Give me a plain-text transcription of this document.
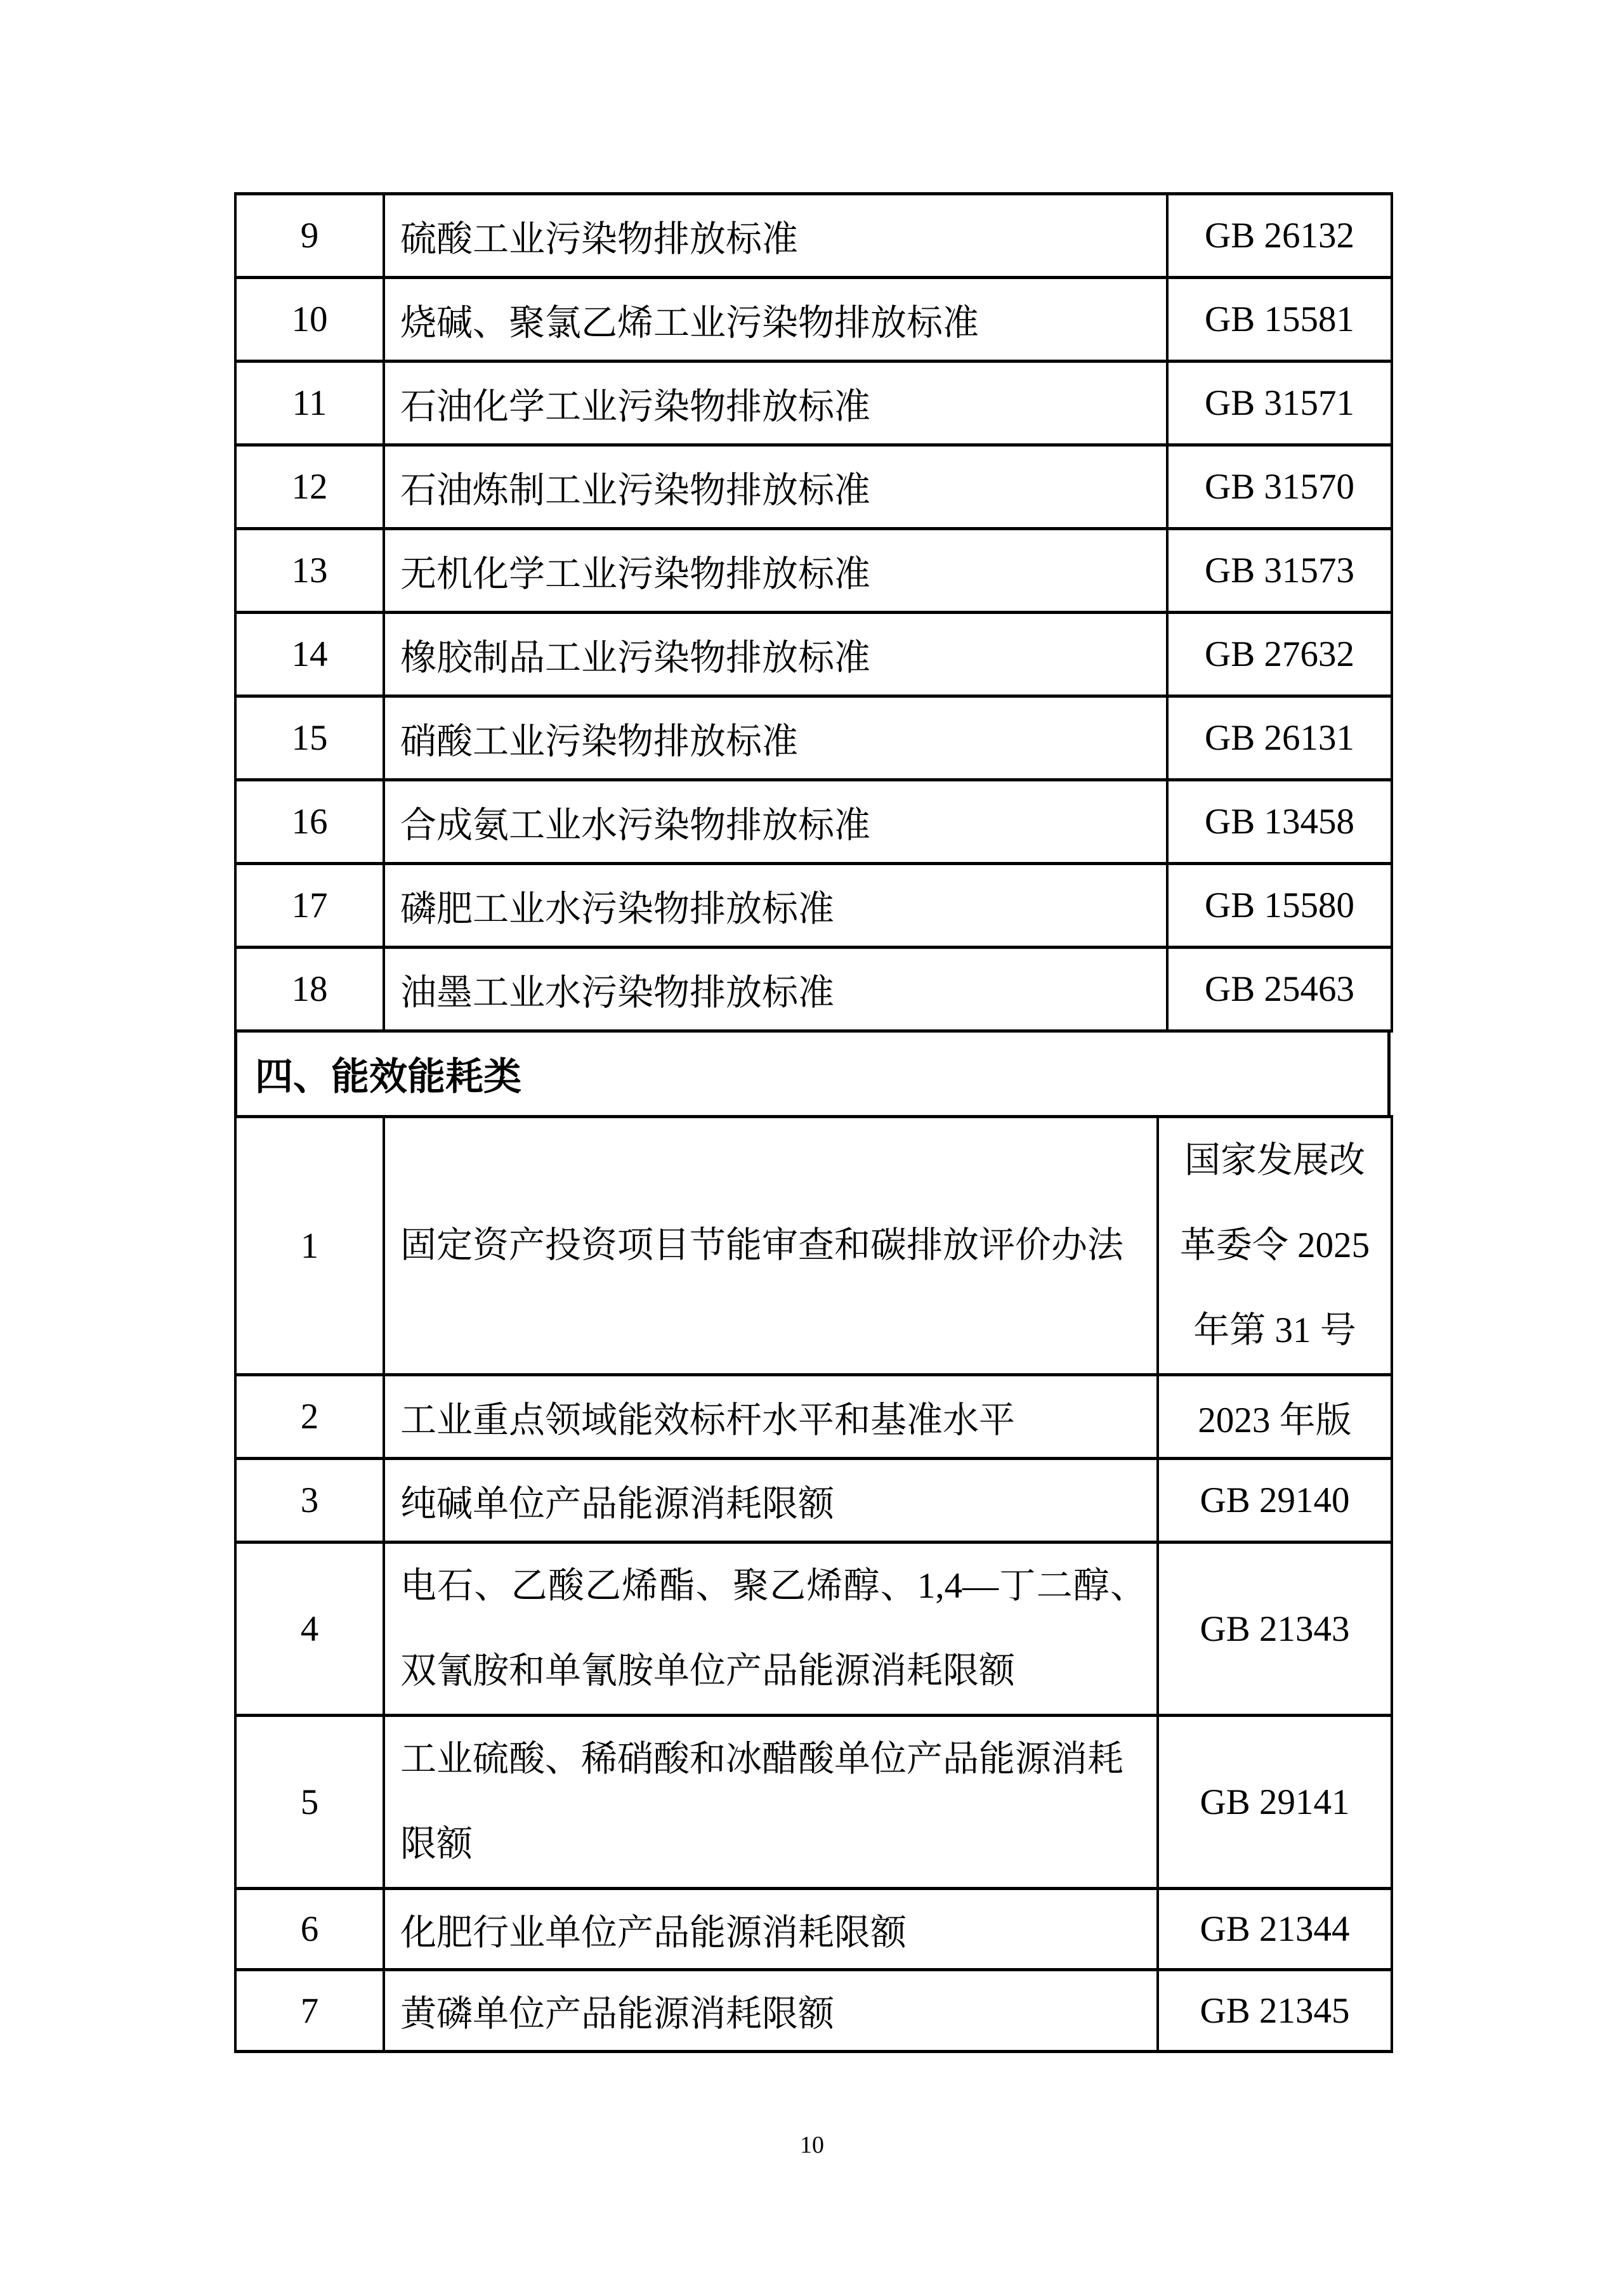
9	硫酸工业污染物排放标准	GB 26132
10	烧碱、聚氯乙烯工业污染物排放标准	GB 15581
11	石油化学工业污染物排放标准	GB 31571
12	石油炼制工业污染物排放标准	GB 31570
13	无机化学工业污染物排放标准	GB 31573
14	橡胶制品工业污染物排放标准	GB 27632
15	硝酸工业污染物排放标准	GB 26131
16	合成氨工业水污染物排放标准	GB 13458
17	磷肥工业水污染物排放标准	GB 15580
18	油墨工业水污染物排放标准	GB 25463
四、能效能耗类
1	固定资产投资项目节能审查和碳排放评价办法	国家发展改
革委令 2025
年第 31 号

2	工业重点领域能效标杆水平和基准水平	2023 年版
3	纯碱单位产品能源消耗限额	GB 29140
4	电石、乙酸乙烯酯、聚乙烯醇、1,4—丁二醇、
双氰胺和单氰胺单位产品能源消耗限额	GB 21343
5	工业硫酸、稀硝酸和冰醋酸单位产品能源消耗
限额	GB 29141
6	化肥行业单位产品能源消耗限额	GB 21344
7	黄磷单位产品能源消耗限额	GB 21345
10
